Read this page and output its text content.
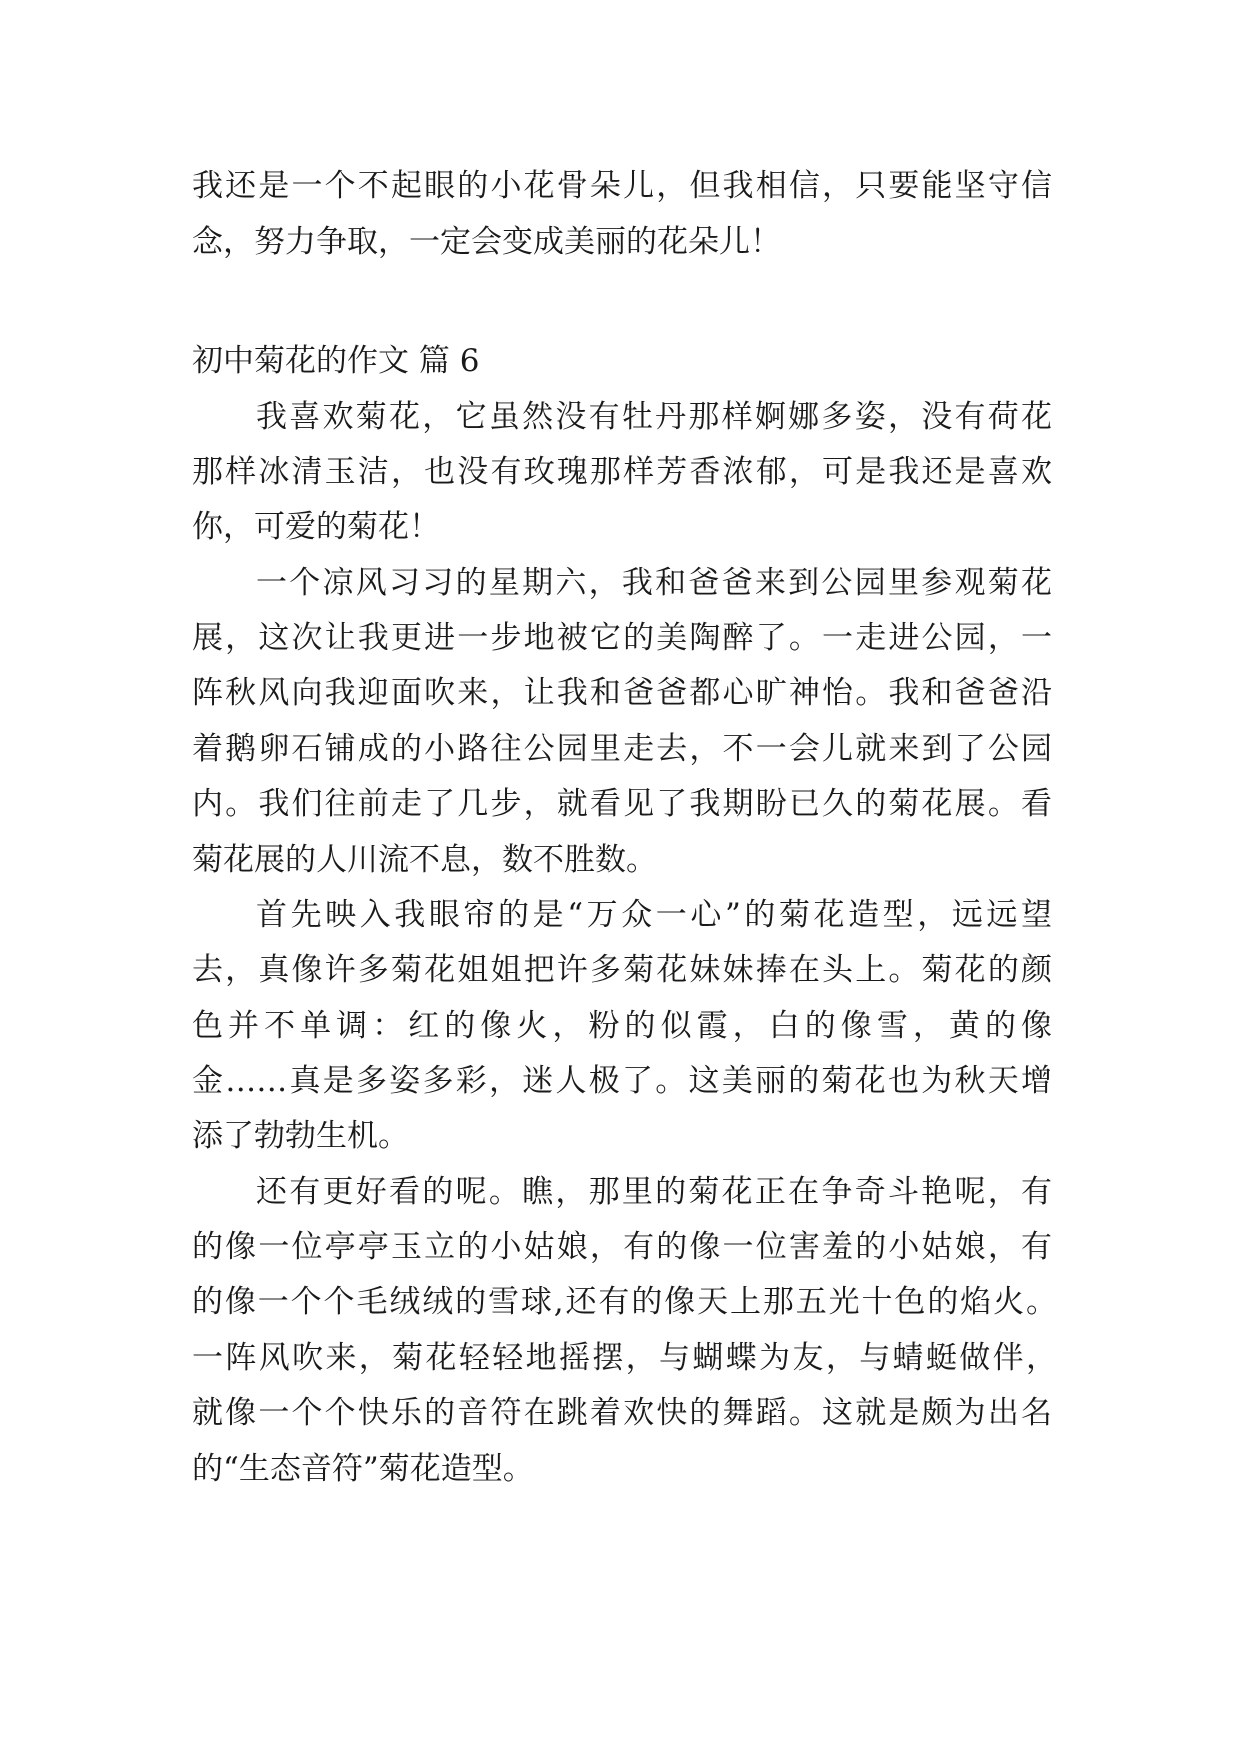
我还是一个不起眼的小花骨朵儿，但我相信，只要能坚守信
念，努力争取，一定会变成美丽的花朵儿！
初中菊花的作文 篇 6
我喜欢菊花，它虽然没有牡丹那样婀娜多姿，没有荷花
那样冰清玉洁，也没有玫瑰那样芳香浓郁，可是我还是喜欢
你，可爱的菊花！
一个凉风习习的星期六，我和爸爸来到公园里参观菊花
展，这次让我更进一步地被它的美陶醉了。一走进公园，一
阵秋风向我迎面吹来，让我和爸爸都心旷神怡。我和爸爸沿
着鹅卵石铺成的小路往公园里走去，不一会儿就来到了公园
内。我们往前走了几步，就看见了我期盼已久的菊花展。看
菊花展的人川流不息，数不胜数。
首先映入我眼帘的是“万众一心”的菊花造型，远远望
去，真像许多菊花姐姐把许多菊花妹妹捧在头上。菊花的颜
色并不单调：红的像火，粉的似霞，白的像雪，黄的像
金……真是多姿多彩，迷人极了。这美丽的菊花也为秋天增
添了勃勃生机。
还有更好看的呢。瞧，那里的菊花正在争奇斗艳呢，有
的像一位亭亭玉立的小姑娘，有的像一位害羞的小姑娘，有
的像一个个毛绒绒的雪球,还有的像天上那五光十色的焰火。
一阵风吹来，菊花轻轻地摇摆，与蝴蝶为友，与蜻蜓做伴，
就像一个个快乐的音符在跳着欢快的舞蹈。这就是颇为出名
的“生态音符”菊花造型。
